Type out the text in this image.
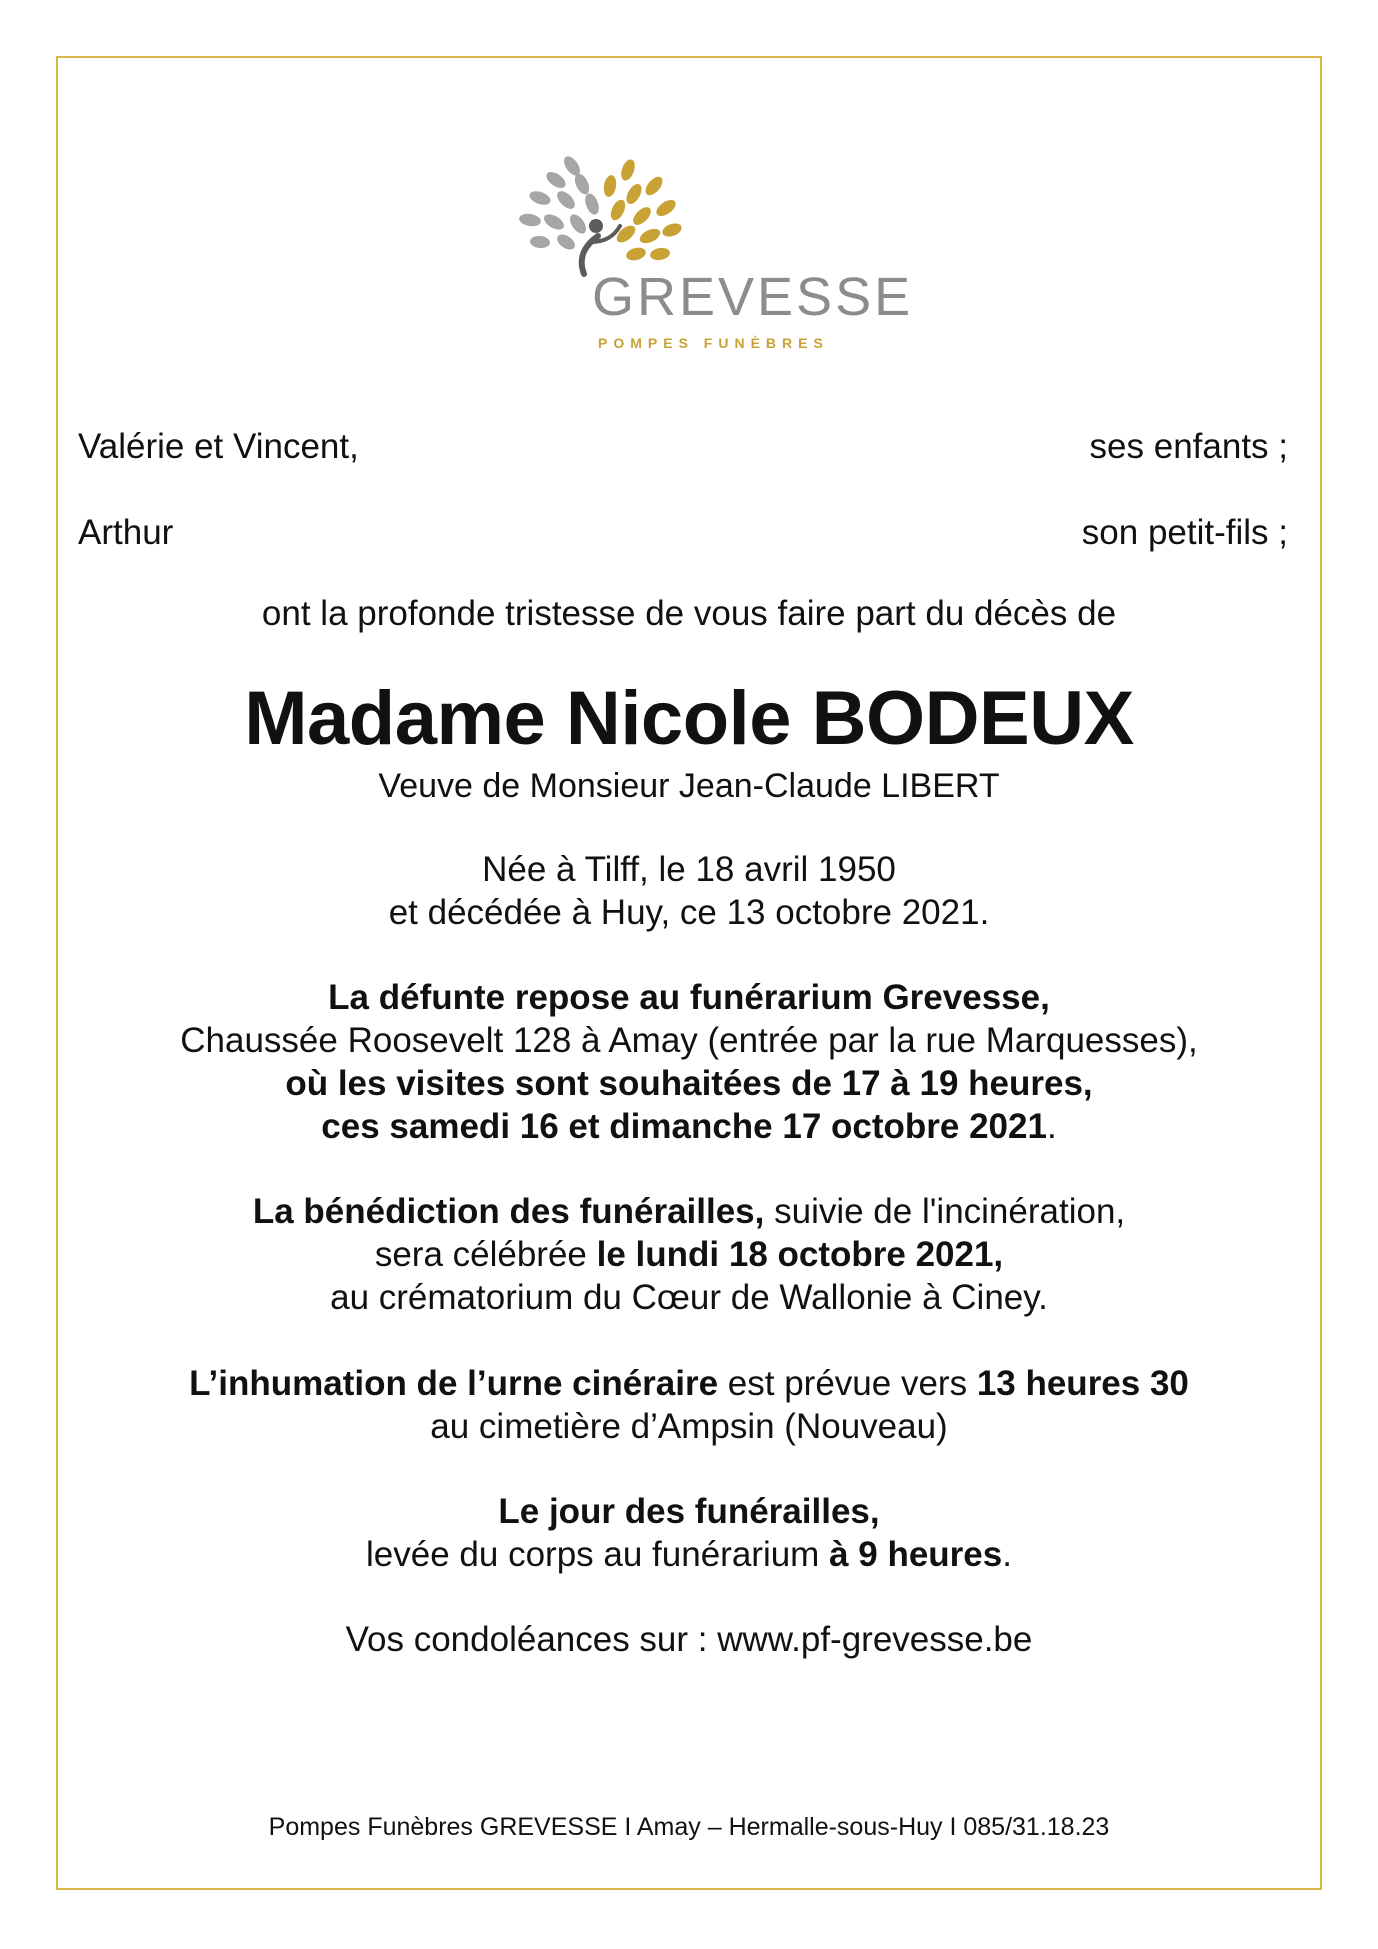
GREVESSE
POMPES FUNÈBRES
Valérie et Vincent,	ses enfants ;
Arthur	son petit-fils ;
ont la profonde tristesse de vous faire part du décès de
Madame Nicole BODEUX
Veuve de Monsieur Jean-Claude LIBERT

Née à Tilff, le 18 avril 1950

et décédée à Huy, ce 13 octobre 2021.

La défunte repose au funérarium Grevesse,

Chaussée Roosevelt 128 à Amay (entrée par la rue Marquesses),

où les visites sont souhaitées de 17 à 19 heures,

ces samedi 16 et dimanche 17 octobre 2021.

La bénédiction des funérailles, suivie de l'incinération,

sera célébrée le lundi 18 octobre 2021,

au crématorium du Cœur de Wallonie à Ciney.

L’inhumation de l’urne cinéraire est prévue vers 13 heures 30

au cimetière d’Ampsin (Nouveau)

Le jour des funérailles,

levée du corps au funérarium à 9 heures.

Vos condoléances sur : www.pf-grevesse.be
Pompes Funèbres GREVESSE I Amay – Hermalle-sous-Huy I 085/31.18.23
